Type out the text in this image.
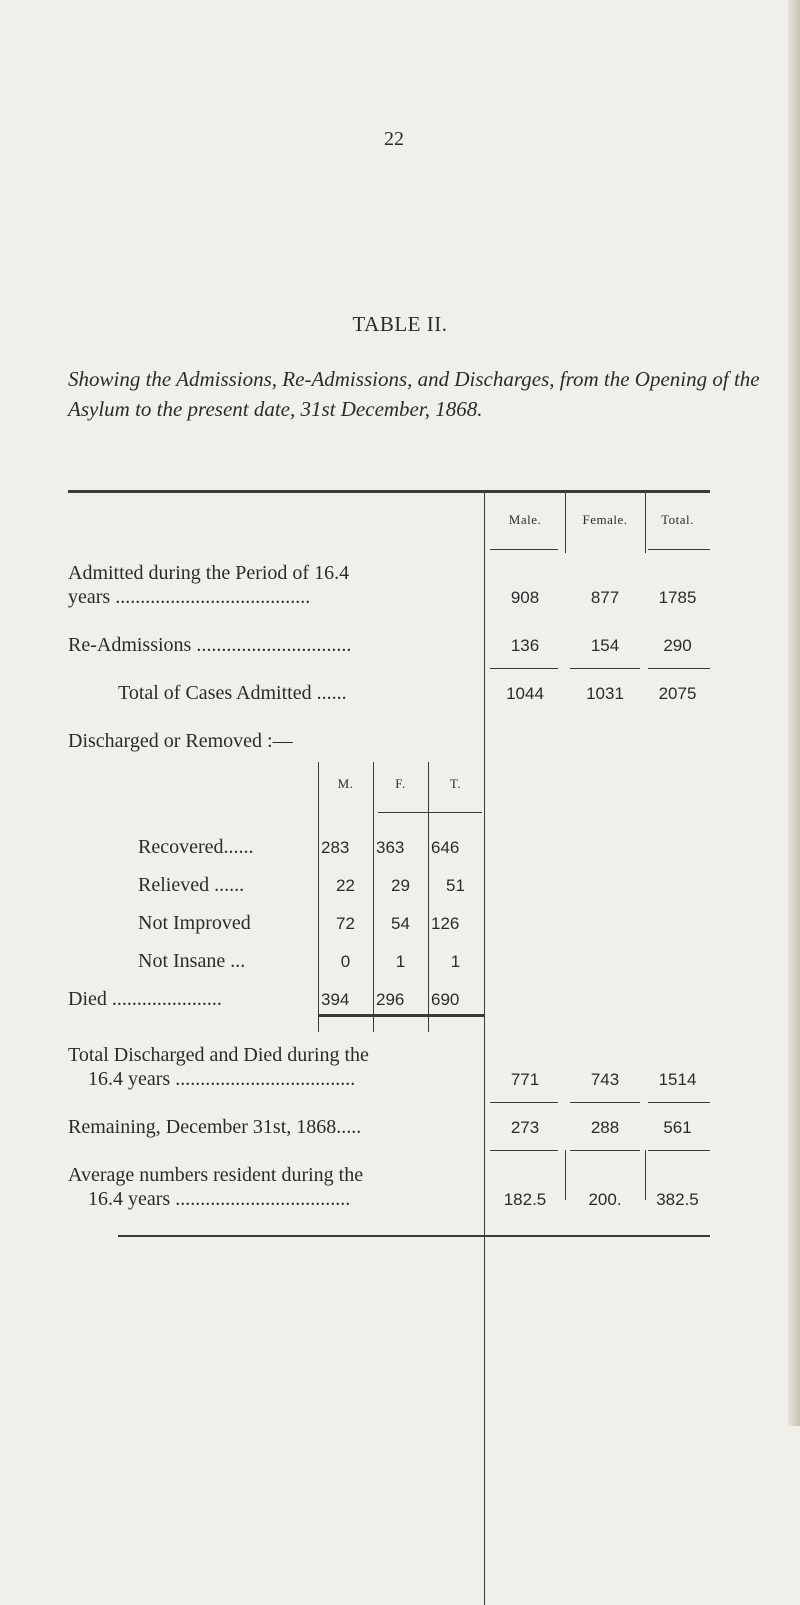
22
TABLE II.
Showing the Admissions, Re-Admissions, and Discharges, from the Opening of the Asylum to the present date, 31st December, 1868.
Male.	Female.	Total.
Admitted during the Period of 16.4
years .......................................	908	877	1785
Re-Admissions ...............................	136	154	290
Total of Cases Admitted ......	1044	1031	2075
Discharged or Removed :—
M.	F.	T.
Recovered......	283 363 646
Relieved ......	22	29	51
Not Improved	72	54	126
Not Insane ...	0	1	1
Died ......................	394 296 690
Total Discharged and Died during the
16.4 years ....................................	771	743	1514
Remaining, December 31st, 1868.....	273	288	561
Average numbers resident during the
16.4 years ...................................	182.5	200.	382.5
